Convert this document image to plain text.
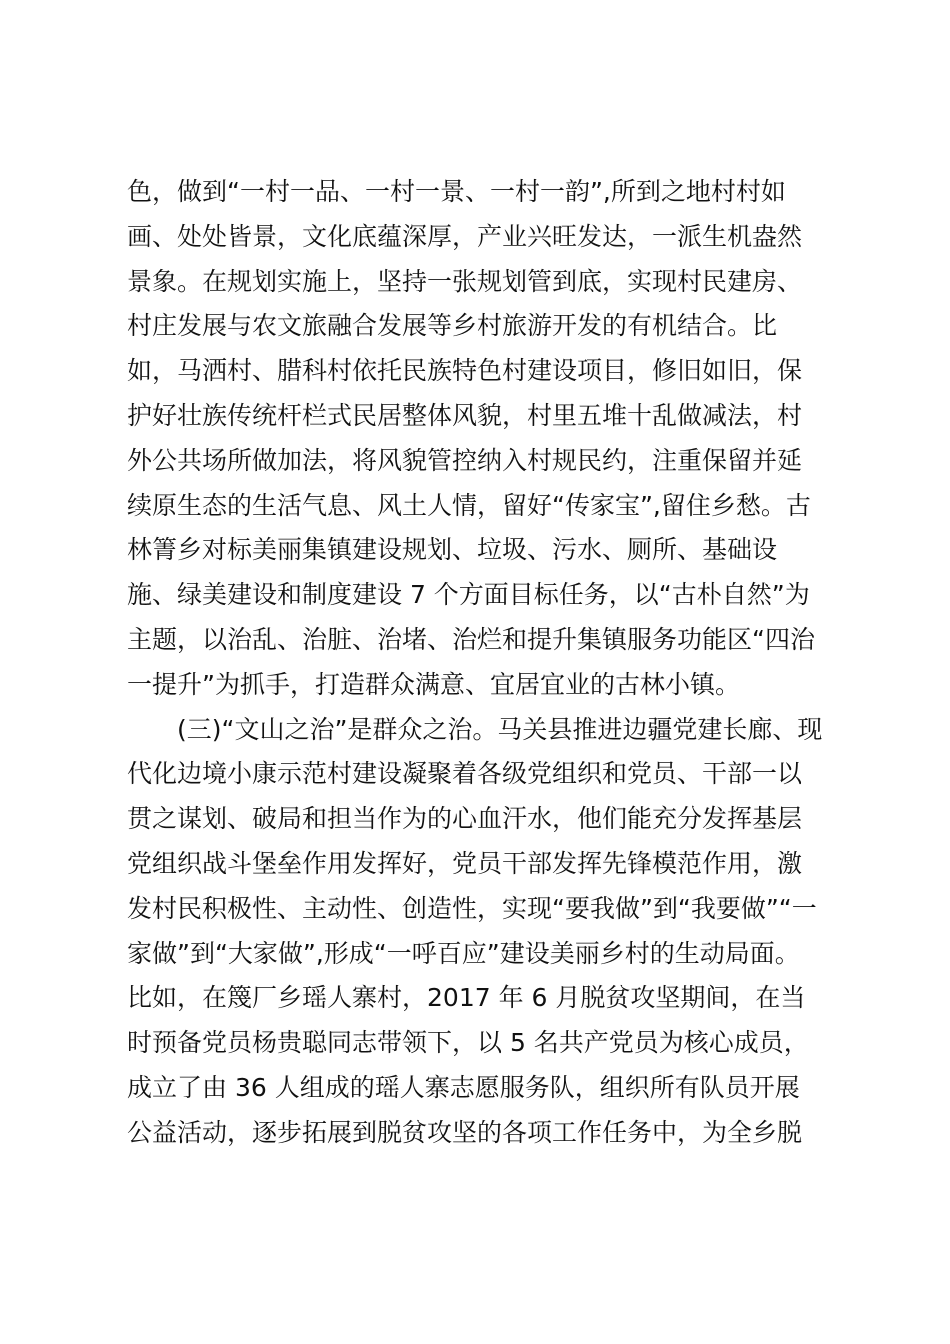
色，做到“一村一品、一村一景、一村一韵”,所到之地村村如
画、处处皆景，文化底蕴深厚，产业兴旺发达，一派生机盎然
景象。在规划实施上，坚持一张规划管到底，实现村民建房、
村庄发展与农文旅融合发展等乡村旅游开发的有机结合。比
如，马洒村、腊科村依托民族特色村建设项目，修旧如旧，保
护好壮族传统杆栏式民居整体风貌，村里五堆十乱做减法，村
外公共场所做加法，将风貌管控纳入村规民约，注重保留并延
续原生态的生活气息、风土人情，留好“传家宝”,留住乡愁。古
林箐乡对标美丽集镇建设规划、垃圾、污水、厕所、基础设
施、绿美建设和制度建设 7 个方面目标任务，以“古朴自然”为
主题，以治乱、治脏、治堵、治烂和提升集镇服务功能区“四治
一提升”为抓手，打造群众满意、宜居宜业的古林小镇。
(三)“文山之治”是群众之治。马关县推进边疆党建长廊、现
代化边境小康示范村建设凝聚着各级党组织和党员、干部一以
贯之谋划、破局和担当作为的心血汗水，他们能充分发挥基层
党组织战斗堡垒作用发挥好，党员干部发挥先锋模范作用，激
发村民积极性、主动性、创造性，实现“要我做”到“我要做”“一
家做”到“大家做”,形成“一呼百应”建设美丽乡村的生动局面。
比如，在篾厂乡瑶人寨村，2017 年 6 月脱贫攻坚期间，在当
时预备党员杨贵聪同志带领下，以 5 名共产党员为核心成员，
成立了由 36 人组成的瑶人寨志愿服务队，组织所有队员开展
公益活动，逐步拓展到脱贫攻坚的各项工作任务中，为全乡脱
